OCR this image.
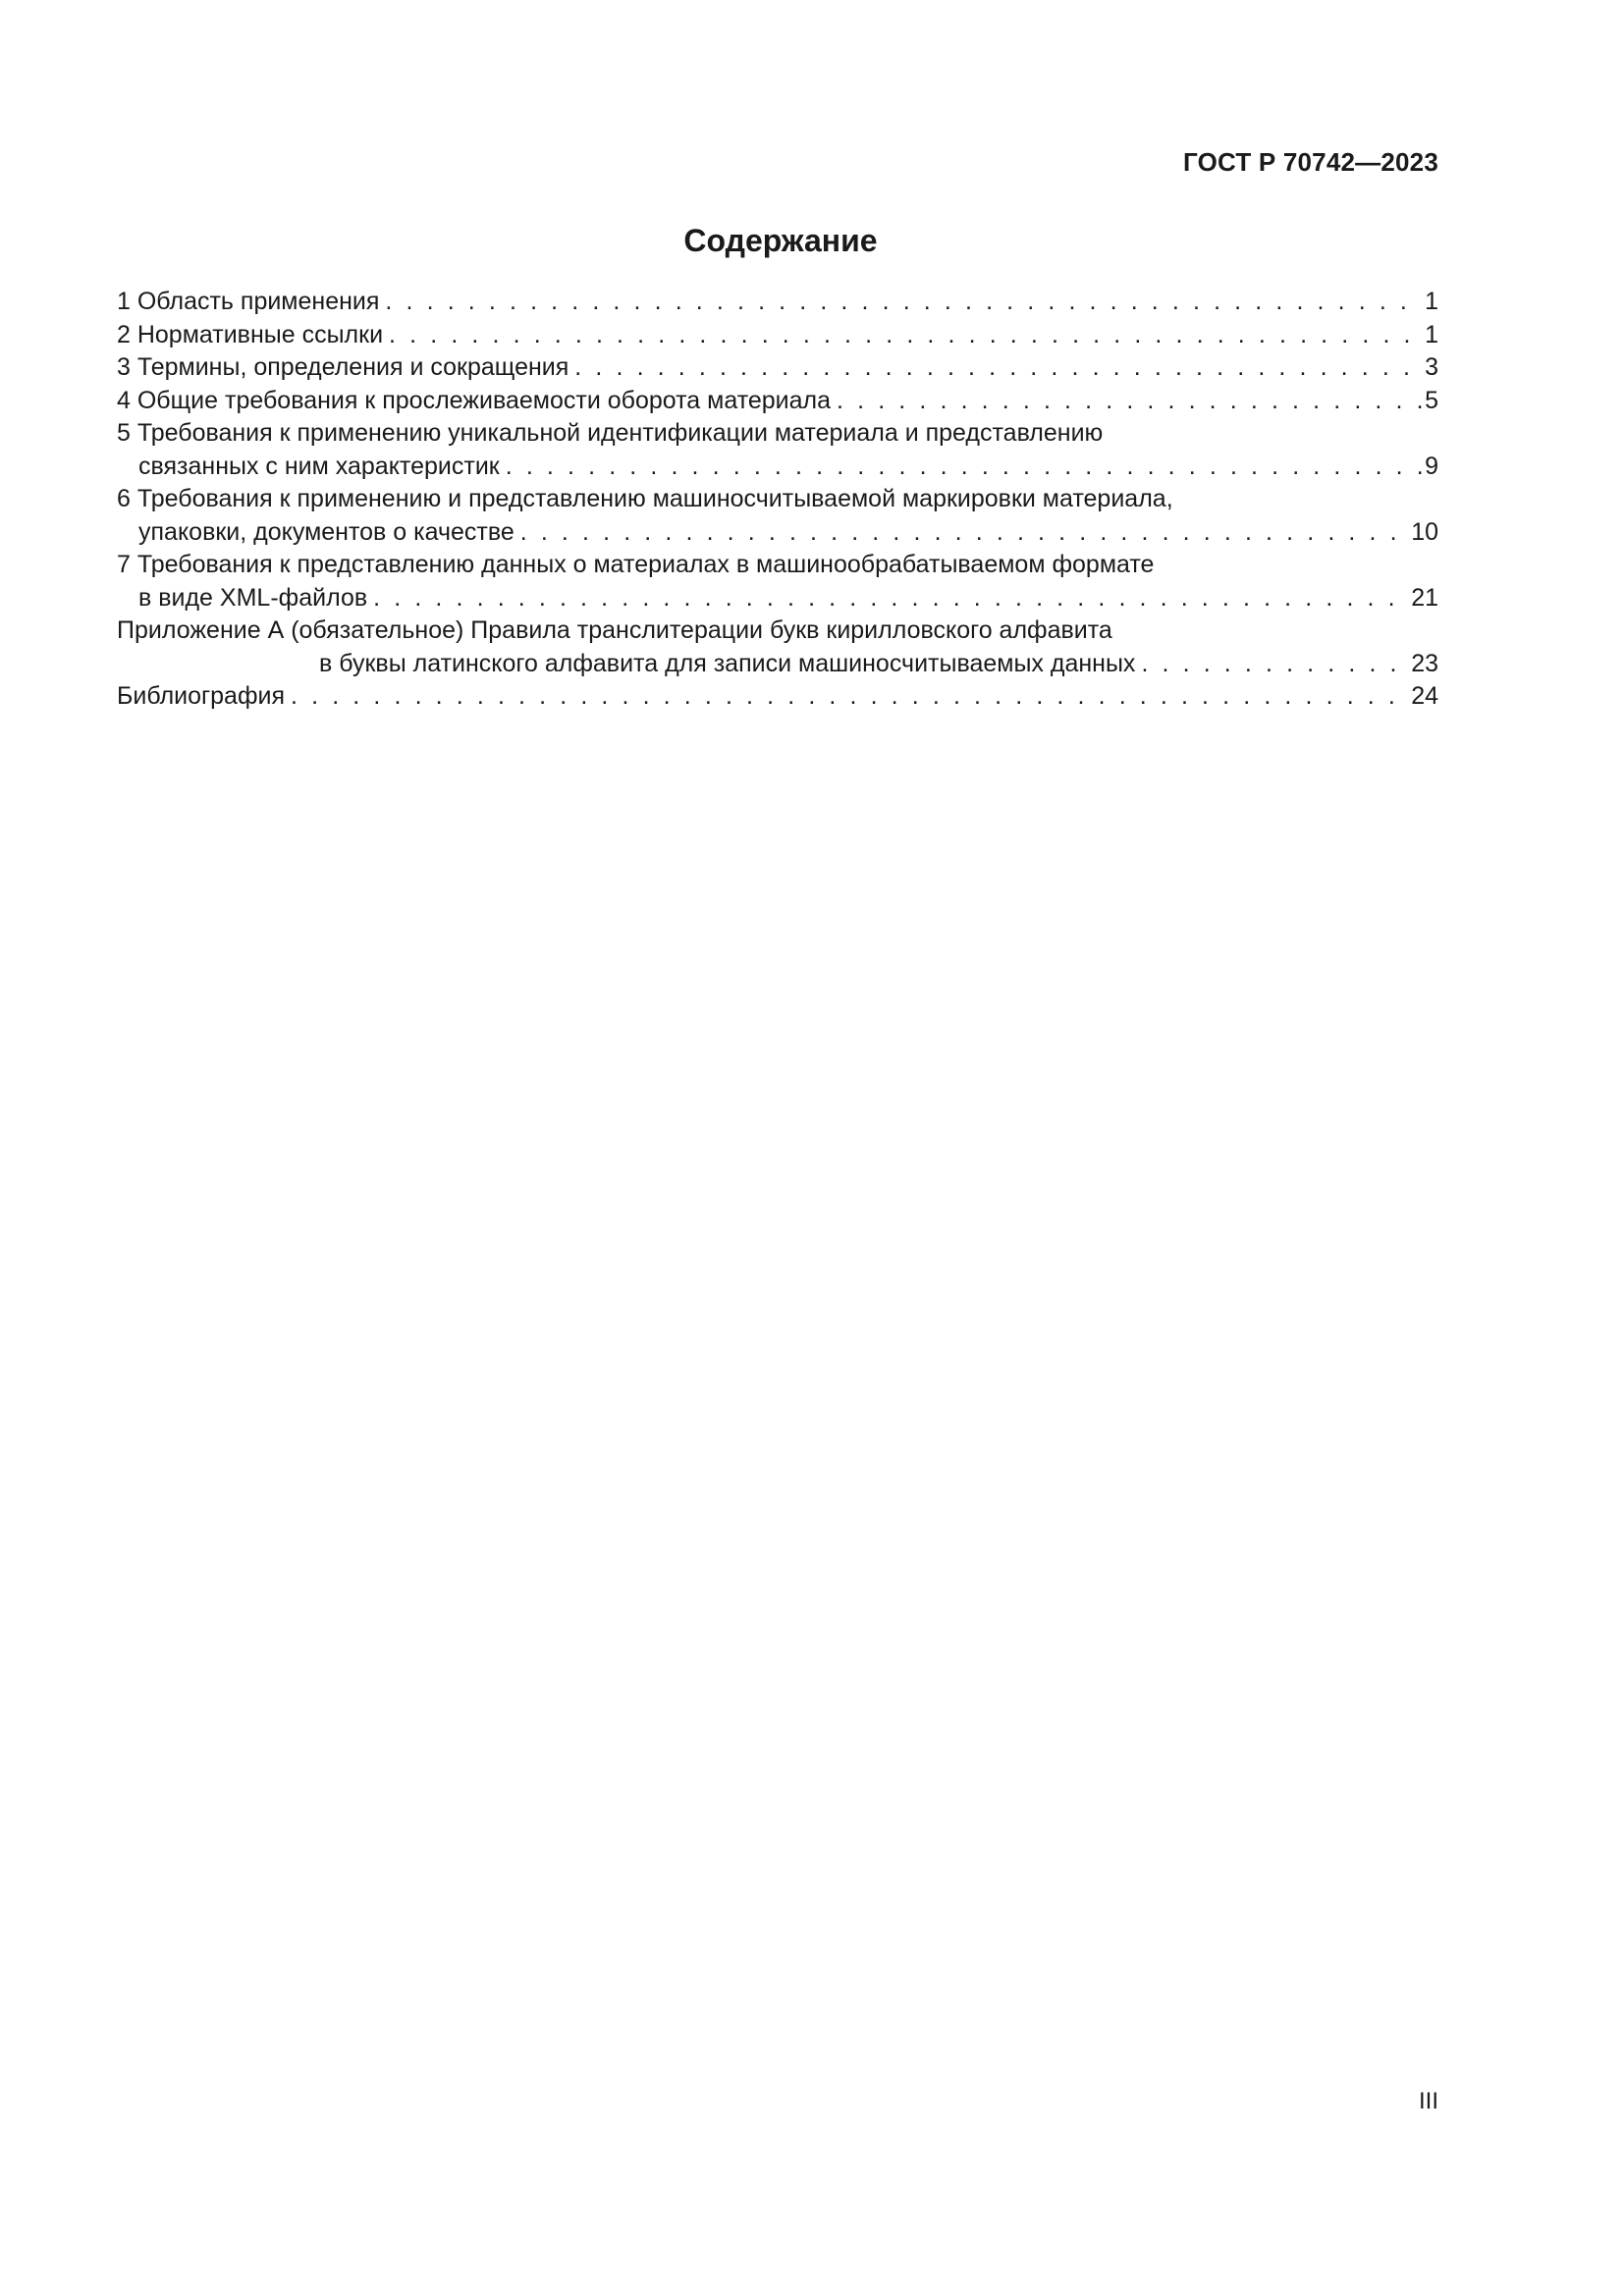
ГОСТ Р 70742—2023
Содержание
1 Область применения . . .	1
2 Нормативные ссылки . . .	1
3 Термины, определения и сокращения . . .	3
4 Общие требования к прослеживаемости оборота материала . . .	5
5 Требования к применению уникальной идентификации материала и представлению
связанных с ним характеристик . . .	9
6 Требования к применению и представлению машиносчитываемой маркировки материала,
упаковки, документов о качестве . . .	10
7 Требования к представлению данных о материалах в машинообрабатываемом формате
в виде XML-файлов . . .	21
Приложение А (обязательное) Правила транслитерации букв кирилловского алфавита
в буквы латинского алфавита для записи машиносчитываемых данных . . .	23
Библиография . . .	24
III
